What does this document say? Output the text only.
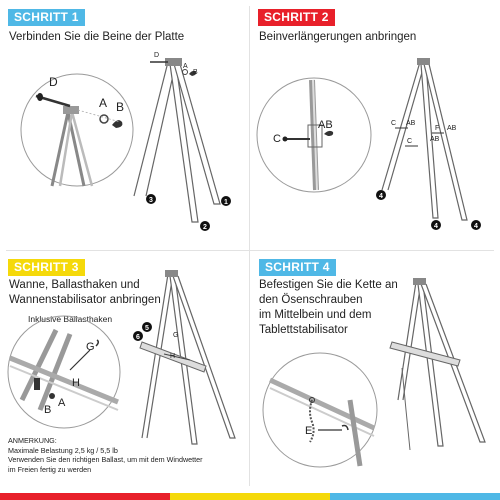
SCHRITT 1
Verbinden Sie die Beine der Platte
D
A B
D
A
B
3
2
1
SCHRITT 2
Beinverlängerungen anbringen
C
AB	C AB
C	AB
F AB
4
4	4
SCHRITT 3
Wanne, Ballasthaken und
Wannenstabilisator anbringen
Inklusive Ballasthaken
G
H
A
B
G
H
5
6
SCHRITT 4
Befestigen Sie die Kette an
den Ösenschrauben
im Mittelbein und dem
Tablettstabilisator
E
ANMERKUNG:
Maximale Belastung 2,5 kg / 5,5 lb
Verwenden Sie den richtigen Ballast, um mit dem Windwetter
im Freien fertig zu werden
